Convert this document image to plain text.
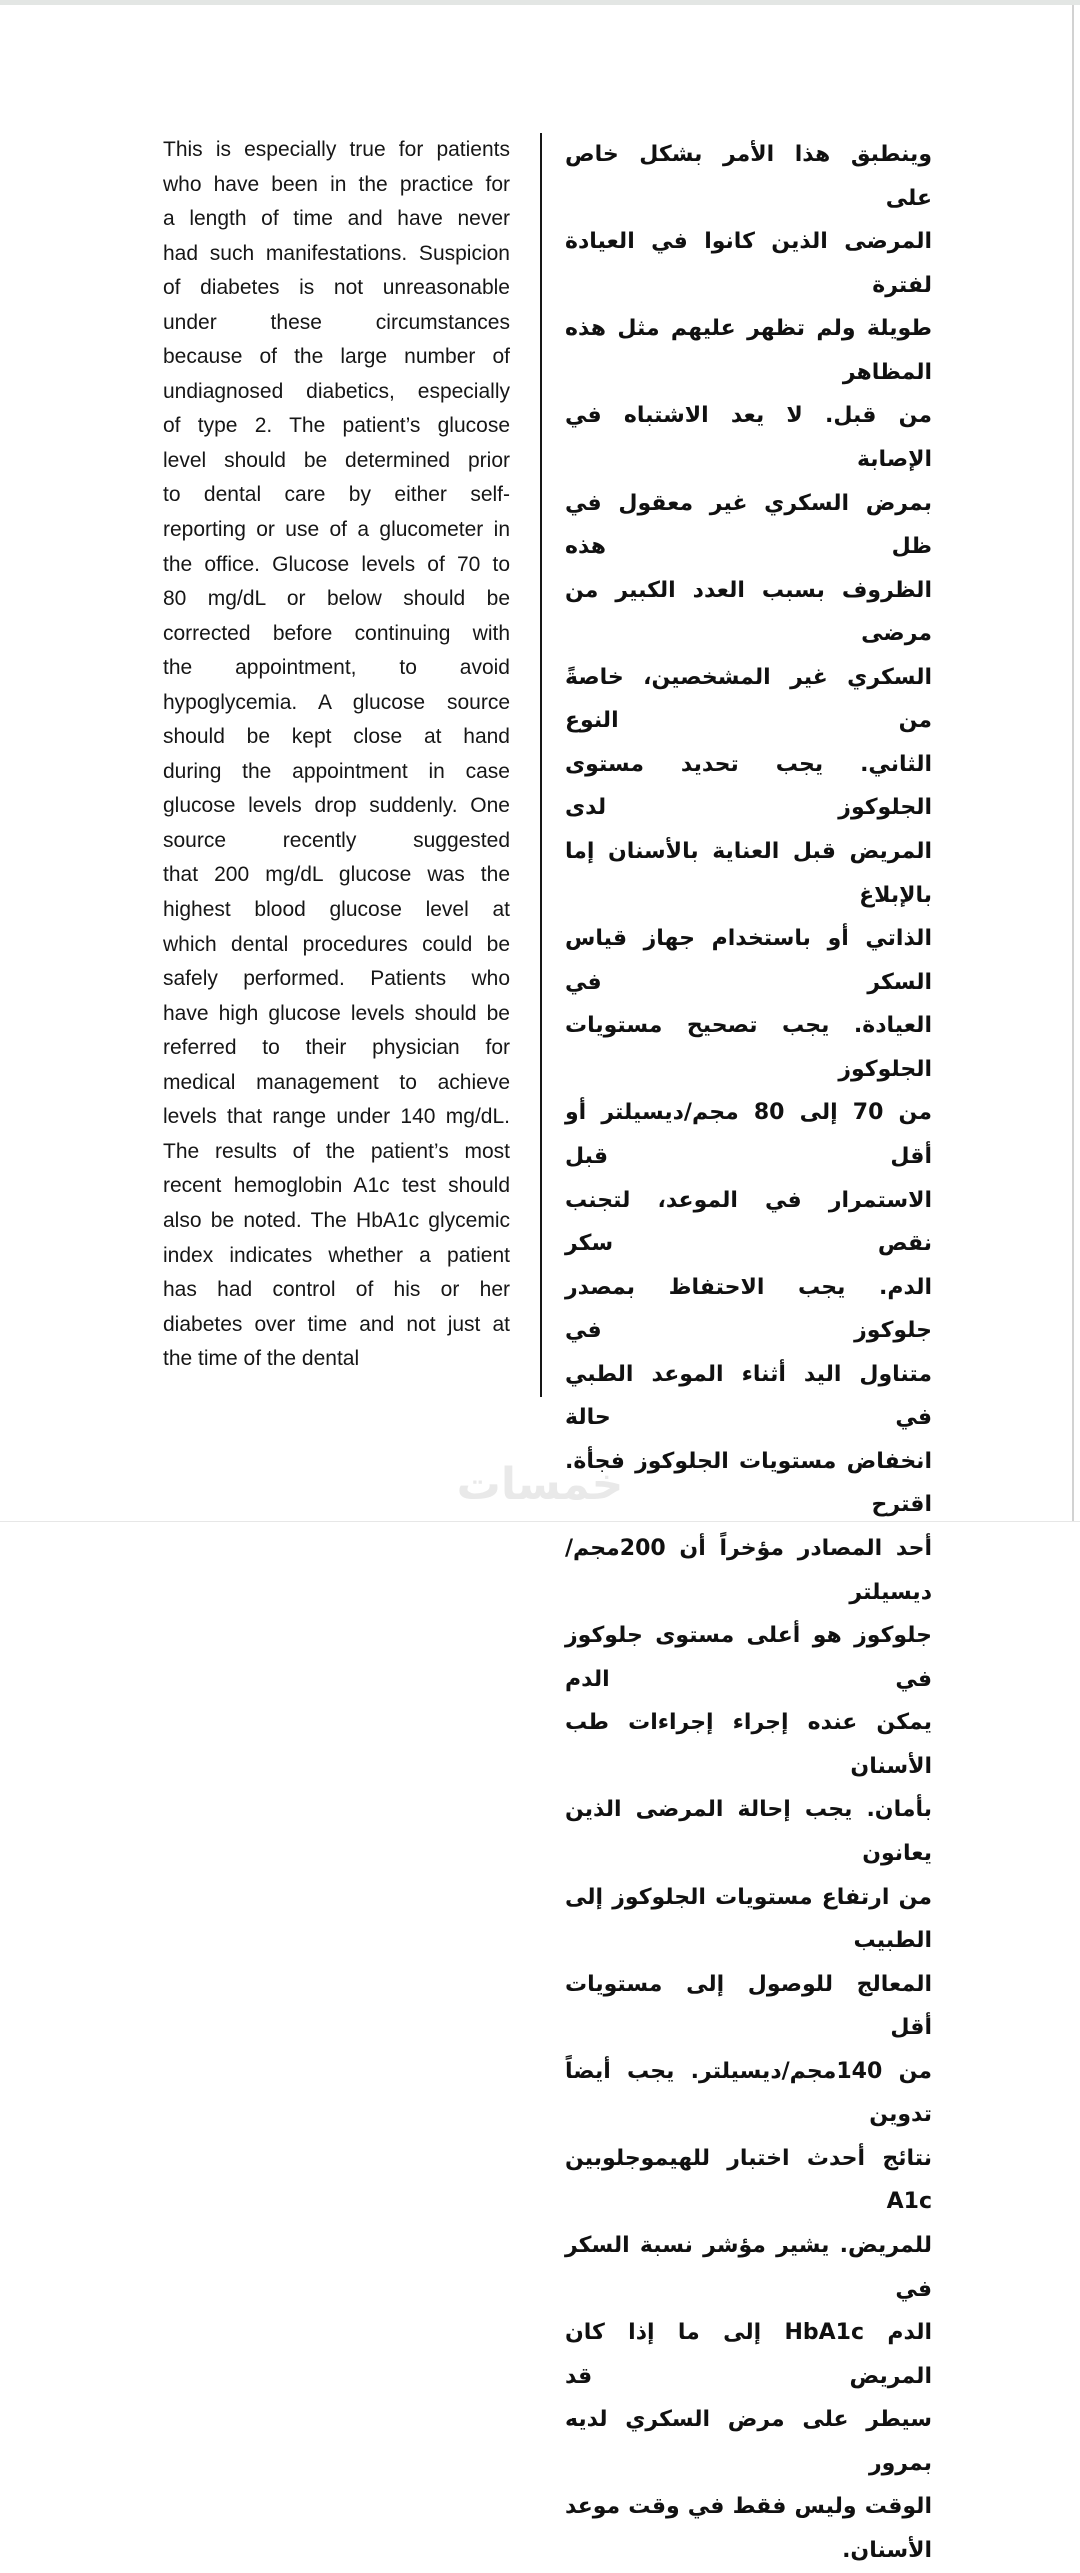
This is especially true for patients
who have been in the practice for
a length of time and have never
had such manifestations. Suspicion
of diabetes is not unreasonable
under these circumstances
because of the large number of
undiagnosed diabetics, especially
of type 2. The patient’s glucose
level should be determined prior
to dental care by either self-
reporting or use of a glucometer in
the office. Glucose levels of 70 to
80 mg/dL or below should be
corrected before continuing with
the appointment, to avoid
hypoglycemia. A glucose source
should be kept close at hand
during the appointment in case
glucose levels drop suddenly. One
source recently suggested
that 200 mg/dL glucose was the
highest blood glucose level at
which dental procedures could be
safely performed. Patients who
have high glucose levels should be
referred to their physician for
medical management to achieve
levels that range under 140 mg/dL.
The results of the patient’s most
recent hemoglobin A1c test should
also be noted. The HbA1c glycemic
index indicates whether a patient
has had control of his or her
diabetes over time and not just at
the time of the dental
وينطبق هذا الأمر بشكل خاص على
المرضى الذين كانوا في العيادة لفترة
طويلة ولم تظهر عليهم مثل هذه المظاهر
من قبل. لا يعد الاشتباه في الإصابة
بمرض السكري غير معقول في ظل هذه
الظروف بسبب العدد الكبير من مرضى
السكري غير المشخصين، خاصةً من النوع
الثاني. يجب تحديد مستوى الجلوكوز لدى
المريض قبل العناية بالأسنان إما بالإبلاغ
الذاتي أو باستخدام جهاز قياس السكر في
العيادة. يجب تصحيح مستويات الجلوكوز
من 70 إلى 80 مجم/ديسيلتر أو أقل قبل
الاستمرار في الموعد، لتجنب نقص سكر
الدم. يجب الاحتفاظ بمصدر جلوكوز في
متناول اليد أثناء الموعد الطبي في حالة
انخفاض مستويات الجلوكوز فجأة. اقترح
أحد المصادر مؤخراً أن 200مجم/ديسيلتر
جلوكوز هو أعلى مستوى جلوكوز في الدم
يمكن عنده إجراء إجراءات طب الأسنان
بأمان. يجب إحالة المرضى الذين يعانون
من ارتفاع مستويات الجلوكوز إلى الطبيب
المعالج للوصول إلى مستويات أقل
من 140مجم/ديسيلتر. يجب أيضاً تدوين
نتائج أحدث اختبار للهيموجلوبين A1c
للمريض. يشير مؤشر نسبة السكر في
الدم HbA1c إلى ما إذا كان المريض قد
سيطر على مرض السكري لديه بمرور
الوقت وليس فقط في وقت موعد الأسنان.
خمسات
